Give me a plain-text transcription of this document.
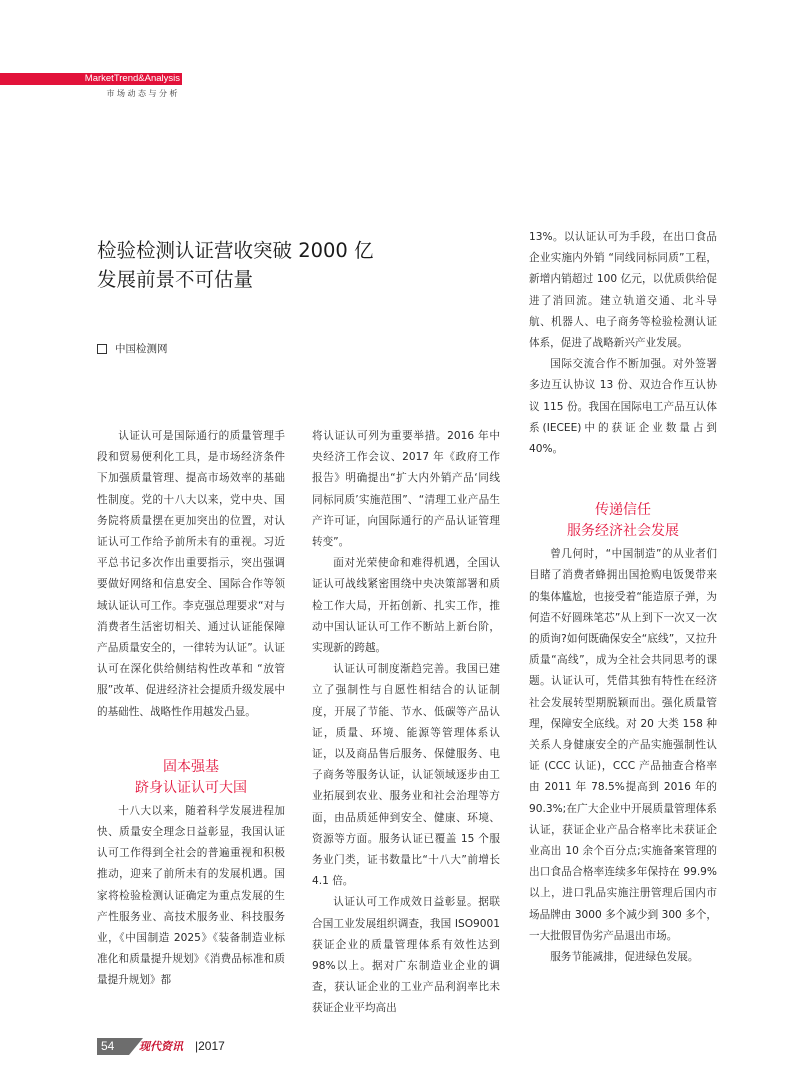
MarketTrend&Analysis
市场动态与分析
检验检测认证营收突破 2000 亿
发展前景不可估量
中国检测网

认证认可是国际通行的质量管理手段和贸易便利化工具，是市场经济条件下加强质量管理、提高市场效率的基础性制度。党的十八大以来，党中央、国务院将质量摆在更加突出的位置，对认证认可工作给予前所未有的重视。习近平总书记多次作出重要指示，突出强调要做好网络和信息安全、国际合作等领域认证认可工作。李克强总理要求“对与消费者生活密切相关、通过认证能保障产品质量安全的，一律转为认证”。认证认可在深化供给侧结构性改革和 “放管服”改革、促进经济社会提质升级发展中的基础性、战略性作用越发凸显。

固本强基
跻身认证认可大国

十八大以来，随着科学发展进程加快、质量安全理念日益彰显，我国认证认可工作得到全社会的普遍重视和积极推动，迎来了前所未有的发展机遇。国家将检验检测认证确定为重点发展的生产性服务业、高技术服务业、科技服务业，《中国制造 2025》《装备制造业标准化和质量提升规划》《消费品标准和质量提升规划》都

将认证认可列为重要举措。2016 年中央经济工作会议、2017 年《政府工作报告》明确提出“扩大内外销产品‘同线同标同质’实施范围”、“清理工业产品生产许可证，向国际通行的产品认证管理转变”。

面对光荣使命和难得机遇，全国认证认可战线紧密围绕中央决策部署和质检工作大局，开拓创新、扎实工作，推动中国认证认可工作不断站上新台阶，实现新的跨越。

认证认可制度渐趋完善。我国已建立了强制性与自愿性相结合的认证制度，开展了节能、节水、低碳等产品认证，质量、环境、能源等管理体系认证，以及商品售后服务、保健服务、电子商务等服务认证，认证领域逐步由工业拓展到农业、服务业和社会治理等方面，由品质延伸到安全、健康、环境、资源等方面。服务认证已覆盖 15 个服务业门类，证书数量比“十八大”前增长 4.1 倍。

认证认可工作成效日益彰显。据联合国工业发展组织调查，我国 ISO9001 获证企业的质量管理体系有效性达到 98%以上。据对广东制造业企业的调查，获认证企业的工业产品利润率比未获证企业平均高出

13%。以认证认可为手段，在出口食品企业实施内外销 “同线同标同质”工程，新增内销超过 100 亿元，以优质供给促进了消回流。建立轨道交通、北斗导航、机器人、电子商务等检验检测认证体系，促进了战略新兴产业发展。

国际交流合作不断加强。对外签署多边互认协议 13 份、双边合作互认协议 115 份。我国在国际电工产品互认体系(IECEE)中的获证企业数量占到 40%。

传递信任
服务经济社会发展

曾几何时，“中国制造”的从业者们目睹了消费者蜂拥出国抢购电饭煲带来的集体尴尬，也接受着“能造原子弹，为何造不好圆珠笔芯”从上到下一次又一次的质询?如何既确保安全“底线”，又拉升质量“高线”，成为全社会共同思考的课题。认证认可，凭借其独有特性在经济社会发展转型期脱颖而出。强化质量管理，保障安全底线。对 20 大类 158 种关系人身健康安全的产品实施强制性认证 (CCC 认证)，CCC 产品抽查合格率由 2011 年 78.5%提高到 2016 年的 90.3%;在广大企业中开展质量管理体系认证，获证企业产品合格率比未获证企业高出 10 余个百分点;实施备案管理的出口食品合格率连续多年保持在 99.9%以上，进口乳品实施注册管理后国内市场品牌由 3000 多个减少到 300 多个，一大批假冒伪劣产品退出市场。

服务节能减排，促进绿色发展。

54	现代资讯 |2017
